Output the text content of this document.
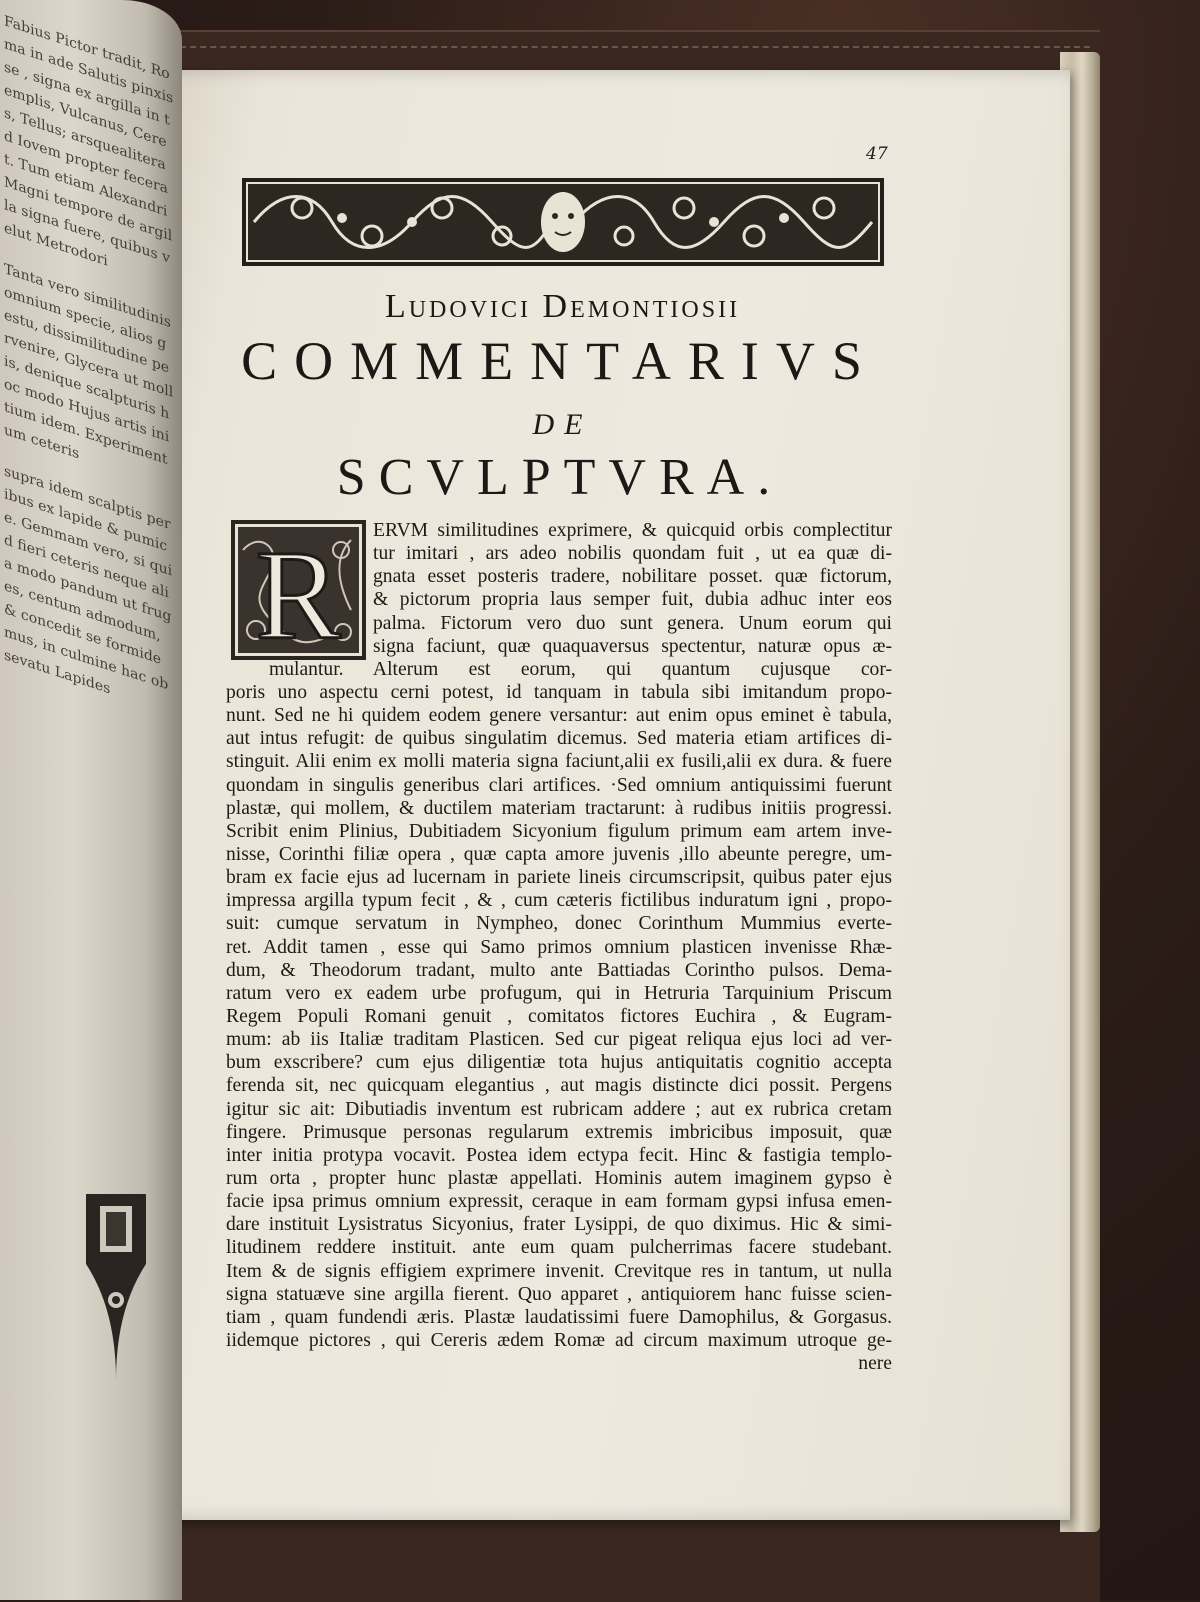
Fabius Pictor tradit, Roma in ade Salutis pinxisse , signa ex argilla in templis, Vulcanus, Ceres, Tellus; arsquealiterad Iovem propter fecerat. Tum etiam Alexandri Magni tempore de argilla signa fuere, quibus velut Metrodori

Tanta vero similitudinis omnium specie, alios gestu, dissimilitudine pervenire, Glycera ut mollis, denique scalpturis hoc modo Hujus artis initium idem. Experimentum ceteris

supra idem scalptis peribus ex lapide & pumice. Gemmam vero, si quid fieri ceteris neque alia modo pandum ut fruges, centum admodum, & concedit se formidemus, in culmine hac obsevatu Lapides

47
Ludovici Demontiosii
COMMENTARIVS
DE
SCVLPTVRA.
R	ERVM similitudines exprimere, & quicquid orbis complectitur
tur imitari , ars adeo nobilis quondam fuit , ut ea quæ di-
gnata esset posteris tradere, nobilitare posset. quæ fictorum,
& pictorum propria laus semper fuit, dubia adhuc inter eos
palma. Fictorum vero duo sunt genera. Unum eorum qui
signa faciunt, quæ quaquaversus spectentur, naturæ opus æ-
mulantur. Alterum est eorum, qui quantum cujusque cor-
poris uno aspectu cerni potest, id tanquam in tabula sibi imitandum propo-
nunt. Sed ne hi quidem eodem genere versantur: aut enim opus eminet è tabula,
aut intus refugit: de quibus singulatim dicemus. Sed materia etiam artifices di-
stinguit. Alii enim ex molli materia signa faciunt,alii ex fusili,alii ex dura. & fuere
quondam in singulis generibus clari artifices. ·Sed omnium antiquissimi fuerunt
plastæ, qui mollem, & ductilem materiam tractarunt: à rudibus initiis progressi.
Scribit enim Plinius, Dubitiadem Sicyonium figulum primum eam artem inve-
nisse, Corinthi filiæ opera , quæ capta amore juvenis ,illo abeunte peregre, um-
bram ex facie ejus ad lucernam in pariete lineis circumscripsit, quibus pater ejus
impressa argilla typum fecit , & , cum cæteris fictilibus induratum igni , propo-
suit: cumque servatum in Nympheo, donec Corinthum Mummius everte-
ret. Addit tamen , esse qui Samo primos omnium plasticen invenisse Rhæ-
dum, & Theodorum tradant, multo ante Battiadas Corintho pulsos. Dema-
ratum vero ex eadem urbe profugum, qui in Hetruria Tarquinium Priscum
Regem Populi Romani genuit , comitatos fictores Euchira , & Eugram-
mum: ab iis Italiæ traditam Plasticen. Sed cur pigeat reliqua ejus loci ad ver-
bum exscribere? cum ejus diligentiæ tota hujus antiquitatis cognitio accepta
ferenda sit, nec quicquam elegantius , aut magis distincte dici possit. Pergens
igitur sic ait: Dibutiadis inventum est rubricam addere ; aut ex rubrica cretam
fingere. Primusque personas regularum extremis imbricibus imposuit, quæ
inter initia protypa vocavit. Postea idem ectypa fecit. Hinc & fastigia templo-
rum orta , propter hunc plastæ appellati. Hominis autem imaginem gypso è
facie ipsa primus omnium expressit, ceraque in eam formam gypsi infusa emen-
dare instituit Lysistratus Sicyonius, frater Lysippi, de quo diximus. Hic & simi-
litudinem reddere instituit. ante eum quam pulcherrimas facere studebant.
Item & de signis effigiem exprimere invenit. Crevitque res in tantum, ut nulla
signa statuæve sine argilla fierent. Quo apparet , antiquiorem hanc fuisse scien-
tiam , quam fundendi æris. Plastæ laudatissimi fuere Damophilus, & Gorgasus.
iidemque pictores , qui Cereris ædem Romæ ad circum maximum utroque ge-
nere
